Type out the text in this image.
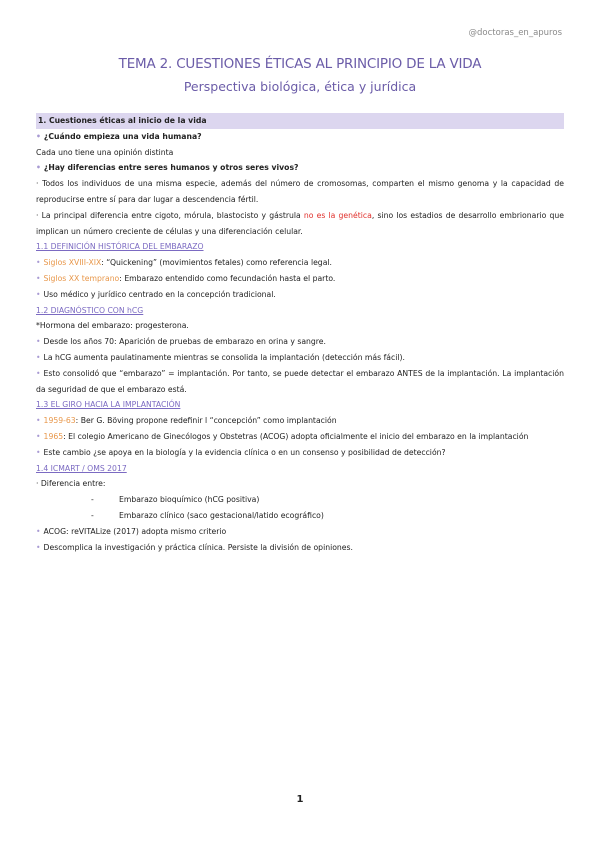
@doctoras_en_apuros
TEMA 2. CUESTIONES ÉTICAS AL PRINCIPIO DE LA VIDA
Perspectiva biológica, ética y jurídica

1. Cuestiones éticas al inicio de la vida

• ¿Cuándo empieza una vida humana?

Cada uno tiene una opinión distinta

• ¿Hay diferencias entre seres humanos y otros seres vivos?

· Todos los individuos de una misma especie, además del número de cromosomas, comparten el mismo genoma y la capacidad de reproducirse entre sí para dar lugar a descendencia fértil.

· La principal diferencia entre cigoto, mórula, blastocisto y gástrula no es la genética, sino los estadios de desarrollo embrionario que implican un número creciente de células y una diferenciación celular.

1.1 DEFINICIÓN HISTÓRICA DEL EMBARAZO

• Siglos XVIII-XIX: “Quickening” (movimientos fetales) como referencia legal.

• Siglos XX temprano: Embarazo entendido como fecundación hasta el parto.

• Uso médico y jurídico centrado en la concepción tradicional.

1.2 DIAGNÓSTICO CON hCG

*Hormona del embarazo: progesterona.

• Desde los años 70: Aparición de pruebas de embarazo en orina y sangre.

• La hCG aumenta paulatinamente mientras se consolida la implantación (detección más fácil).

• Esto consolidó que “embarazo” = implantación. Por tanto, se puede detectar el embarazo ANTES de la implantación. La implantación da seguridad de que el embarazo está.

1.3 EL GIRO HACIA LA IMPLANTACIÓN

• 1959-63: Ber G. Böving propone redefinir l “concepción” como implantación

• 1965: El colegio Americano de Ginecólogos y Obstetras (ACOG) adopta oficialmente el inicio del embarazo en la implantación

• Este cambio ¿se apoya en la biología y la evidencia clínica o en un consenso y posibilidad de detección?

1.4 ICMART / OMS 2017

· Diferencia entre:

-	Embarazo bioquímico (hCG positiva)

-	Embarazo clínico (saco gestacional/latido ecográfico)

• ACOG: reVITALize (2017) adopta mismo criterio

• Descomplica la investigación y práctica clínica. Persiste la división de opiniones.

1
